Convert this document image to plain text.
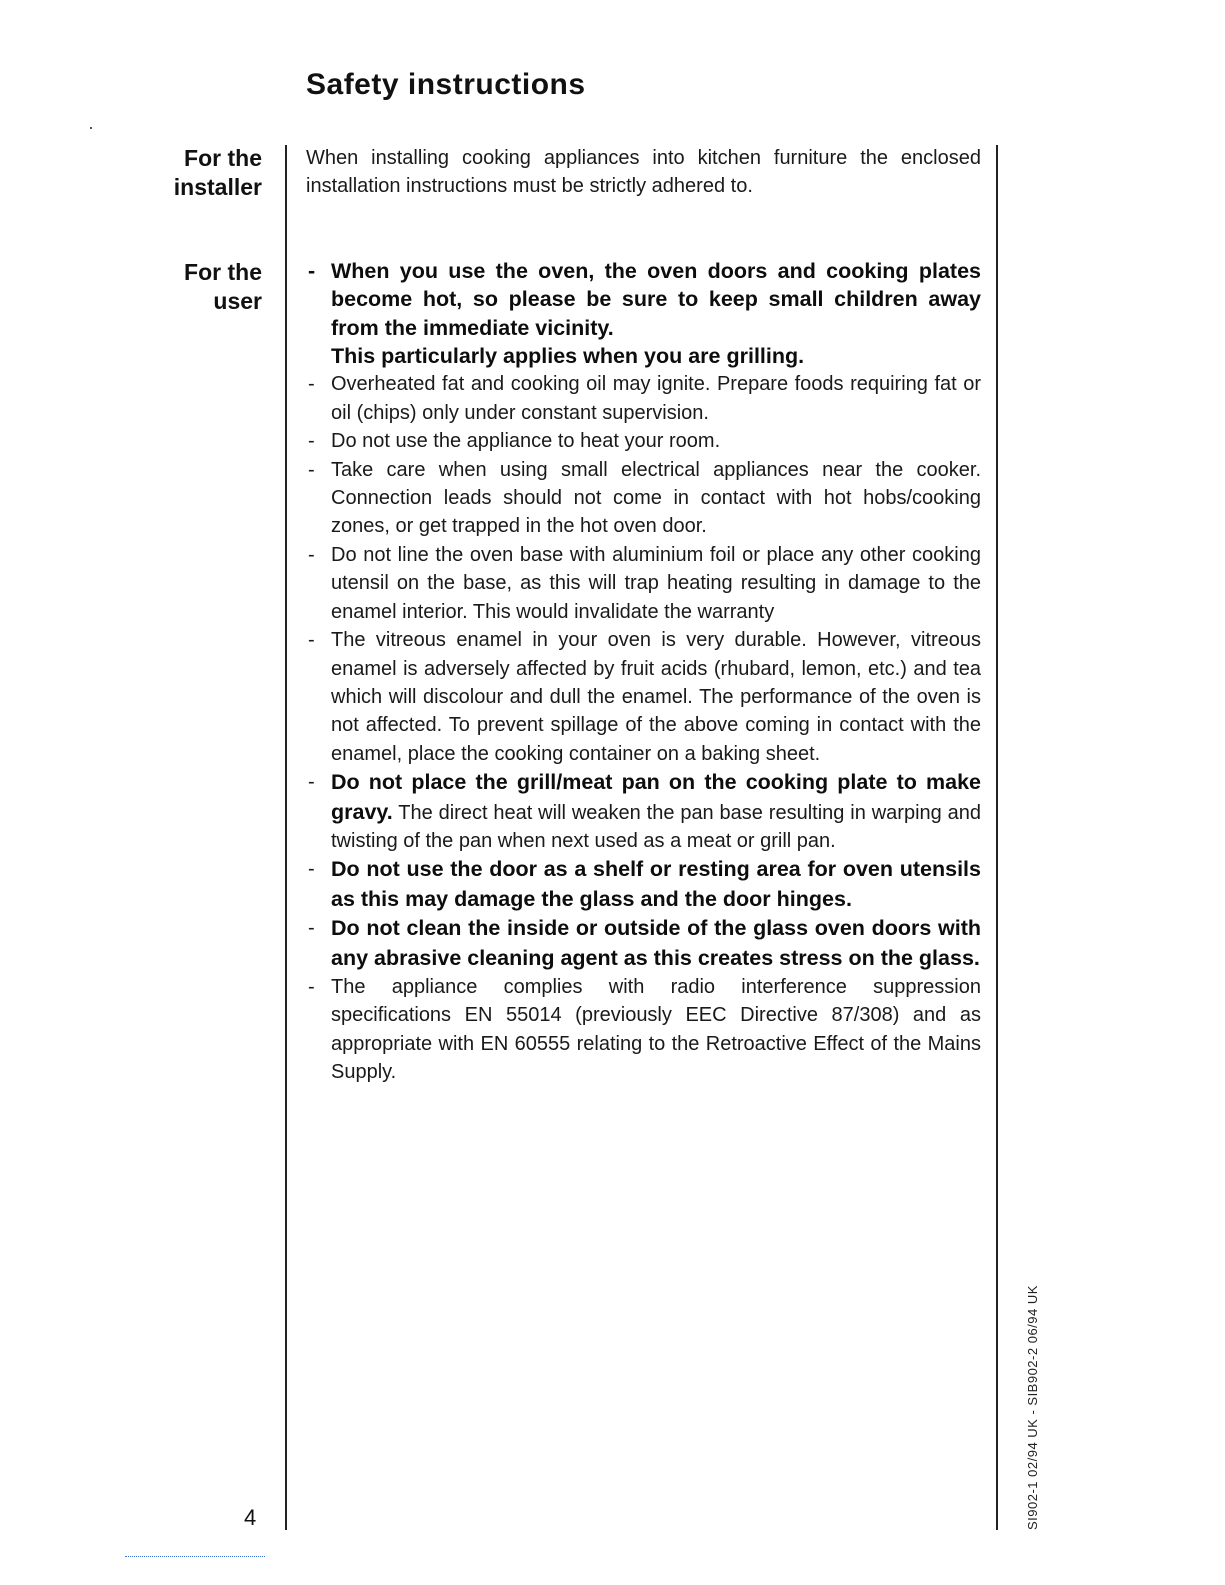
Safety instructions
For the
installer
For the
user

When installing cooking appliances into kitchen furniture the enclosed installation instructions must be strictly adhered to.

- When you use the oven, the oven doors and cooking plates become hot, so please be sure to keep small children away from the immediate vicinity.
This particularly applies when you are grilling.
- Overheated fat and cooking oil may ignite. Prepare foods requiring fat or oil (chips) only under constant supervision.
- Do not use the appliance to heat your room.
- Take care when using small electrical appliances near the cooker. Connection leads should not come in contact with hot hobs/cooking zones, or get trapped in the hot oven door.
- Do not line the oven base with aluminium foil or place any other cooking utensil on the base, as this will trap heating resulting in damage to the enamel interior. This would invalidate the warranty
- The vitreous enamel in your oven is very durable. However, vitreous enamel is adversely affected by fruit acids (rhubard, lemon, etc.) and tea which will discolour and dull the enamel. The performance of the oven is not affected. To prevent spillage of the above coming in contact with the enamel, place the cooking container on a baking sheet.
- Do not place the grill/meat pan on the cooking plate to make gravy. The direct heat will weaken the pan base resulting in warping and twisting of the pan when next used as a meat or grill pan.
- Do not use the door as a shelf or resting area for oven utensils as this may damage the glass and the door hinges.
- Do not clean the inside or outside of the glass oven doors with any abrasive cleaning agent as this creates stress on the glass.
- The appliance complies with radio interference suppression specifications EN 55014 (previously EEC Directive 87/308) and as appropriate with EN 60555 relating to the Retroactive Effect of the Mains Supply.
4	SI902-1 02/94 UK - SIB902-2 06/94 UK
